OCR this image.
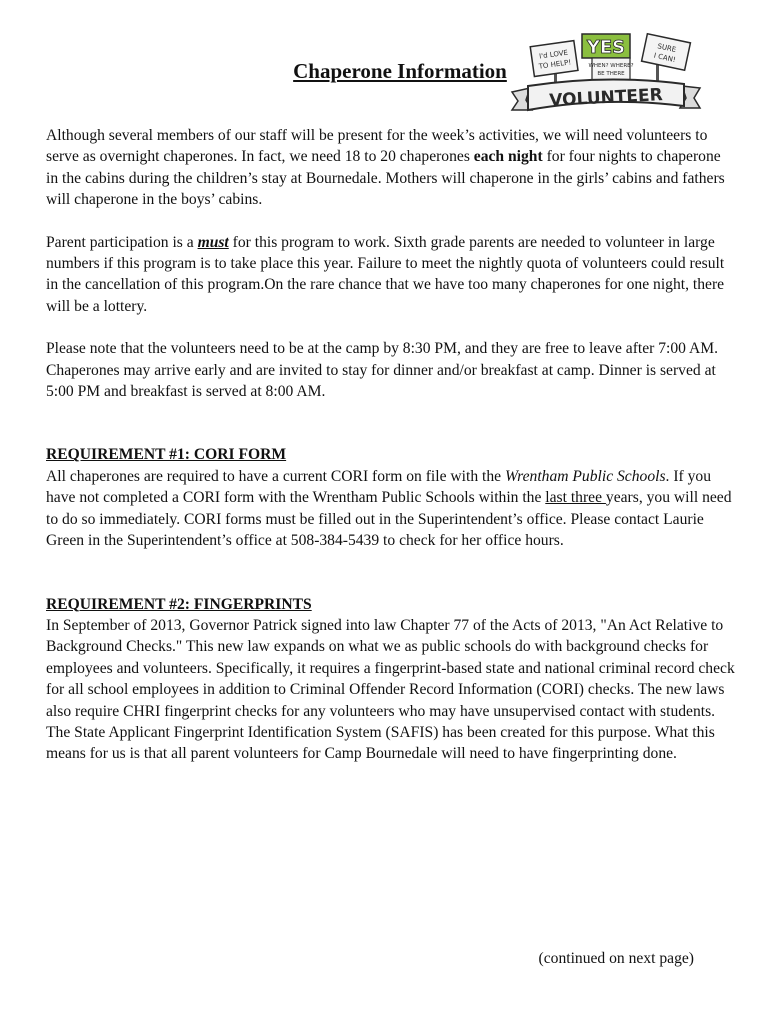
Chaperone Information
I'd LOVE
TO HELP!
YES
WHEN? WHERE?
BE THERE
SURE
I CAN!
VOLUNTEER

Although several members of our staff will be present for the week’s activities, we will need volunteers to serve as overnight chaperones. In fact, we need 18 to 20 chaperones each night for four nights to chaperone in the cabins during the children’s stay at Bournedale. Mothers will chaperone in the girls’ cabins and fathers will chaperone in the boys’ cabins.

Parent participation is a must for this program to work. Sixth grade parents are needed to volunteer in large numbers if this program is to take place this year. Failure to meet the nightly quota of volunteers could result in the cancellation of this program.On the rare chance that we have too many chaperones for one night, there will be a lottery.

Please note that the volunteers need to be at the camp by 8:30 PM, and they are free to leave after 7:00 AM. Chaperones may arrive early and are invited to stay for dinner and/or breakfast at camp. Dinner is served at 5:00 PM and breakfast is served at 8:00 AM.

REQUIREMENT #1: CORI FORM

All chaperones are required to have a current CORI form on file with the Wrentham Public Schools. If you have not completed a CORI form with the Wrentham Public Schools within the last three years, you will need to do so immediately. CORI forms must be filled out in the Superintendent’s office. Please contact Laurie Green in the Superintendent’s office at 508-384-5439 to check for her office hours.

REQUIREMENT #2: FINGERPRINTS

In September of 2013, Governor Patrick signed into law Chapter 77 of the Acts of 2013, "An Act Relative to Background Checks." This new law expands on what we as public schools do with background checks for employees and volunteers. Specifically, it requires a fingerprint-based state and national criminal record check for all school employees in addition to Criminal Offender Record Information (CORI) checks. The new laws also require CHRI fingerprint checks for any volunteers who may have unsupervised contact with students. The State Applicant Fingerprint Identification System (SAFIS) has been created for this purpose. What this means for us is that all parent volunteers for Camp Bournedale will need to have fingerprinting done.

(continued on next page)
